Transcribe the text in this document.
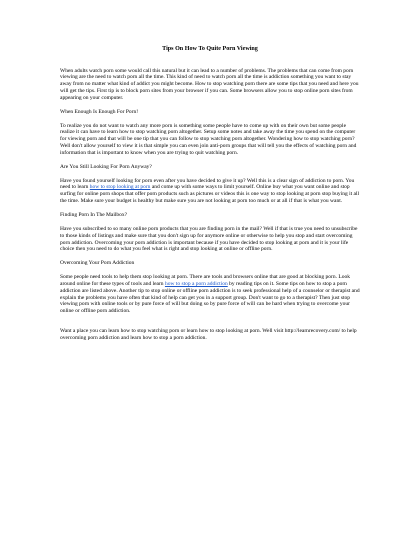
Tips On How To Quite Porn Viewing

When adults watch porn some would call this natural but it can lead to a number of problems. The problems that can come from porn viewing are the need to watch porn all the time. This kind of need to watch porn all the time is addiction something you want to stay away from no matter what kind of addict you might become. How to stop watching porn there are some tips that you need and here you will get the tips. First tip is to block porn sites from your browser if you can. Some browsers allow you to stop online porn sites from appearing on your computer.

When Enough Is Enough For Porn!

To realize you do not want to watch any more porn is something some people have to come up with on their own but some people realize it can have to learn how to stop watching porn altogether. Setup some notes and take away the time you spend on the computer for viewing porn and that will be one tip that you can follow to stop watching porn altogether. Wondering how to stop watching porn? Well don't allow yourself to view it is that simple you can even join anti-porn groups that will tell you the effects of watching porn and information that is important to know when you are trying to quit watching porn.

Are You Still Looking For Porn Anyway?

Have you found yourself looking for porn even after you have decided to give it up? Well this is a clear sign of addiction to porn. You need to learn how to stop looking at porn and come up with some ways to limit yourself. Online buy what you want online and stop surfing for online porn shops that offer porn products such as pictures or videos this is one way to stop looking at porn stop buying it all the time. Make sure your budget is healthy but make sure you are not looking at porn too much or at all if that is what you want.

Finding Porn In The Mailbox?

Have you subscribed to so many online porn products that you are finding porn in the mail? Well if that is true you need to unsubscribe to those kinds of listings and make sure that you don't sign up for anymore online or otherwise to help you stop and start overcoming porn addiction. Overcoming your porn addiction is important because if you have decided to stop looking at porn and it is your life choice then you need to do what you feel what is right and stop looking at online or offline porn.

Overcoming Your Porn Addiction

Some people need tools to help them stop looking at porn. There are tools and browsers online that are good at blocking porn. Look around online for these types of tools and learn how to stop a porn addiction by reading tips on it. Some tips on how to stop a porn addiction are listed above. Another tip to stop online or offline porn addiction is to seek professional help of a counselor or therapist and explain the problems you have often that kind of help can get you in a support group. Don't want to go to a therapist? Then just stop viewing porn with online tools or by pure force of will but doing so by pure force of will can be hard when trying to overcome your online or offline porn addiction.

Want a place you can learn how to stop watching porn or learn how to stop looking at porn. Well visit http://learnrecovery.com/ to help overcoming porn addiction and learn how to stop a porn addiction.
